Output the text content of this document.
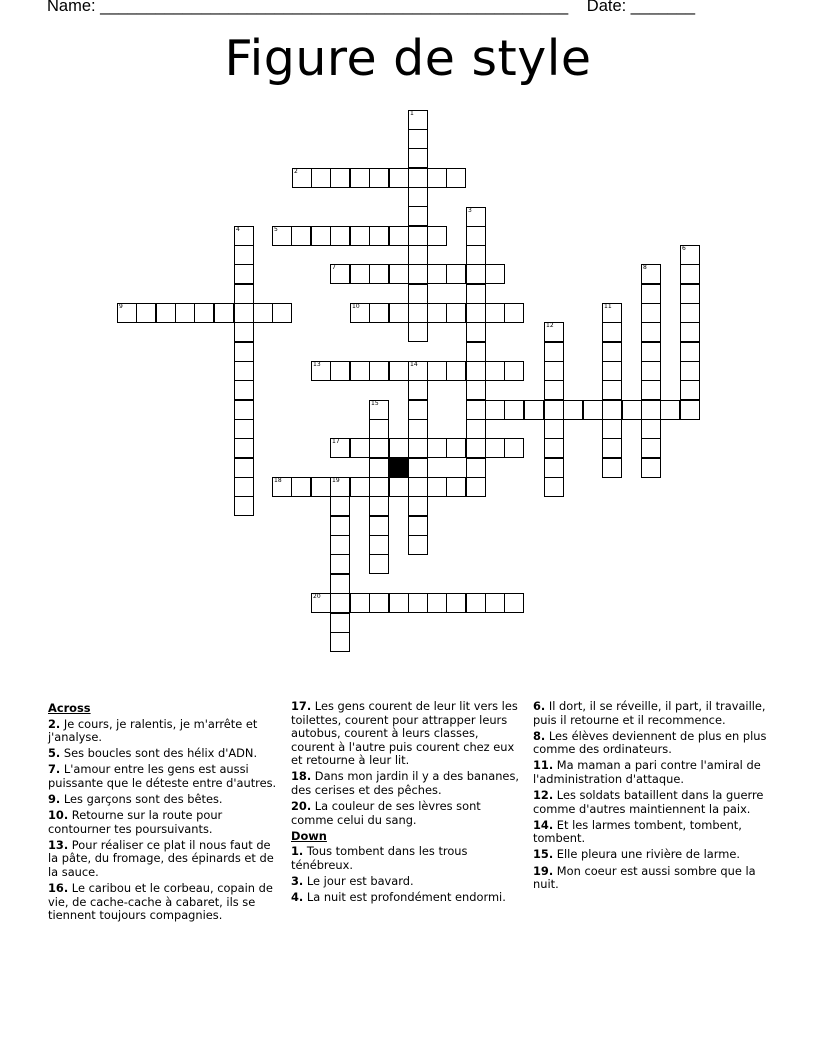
Name: ___________________________________________________ Date: _______
Figure de style
1
2
3
4	5
6
7	8
9	10	11
12
13	14
15
17
18	19
20
Across
2. Je cours, je ralentis, je m'arrête et j'analyse.
5. Ses boucles sont des hélix d'ADN.
7. L'amour entre les gens est aussi puissante que le déteste entre d'autres.
9. Les garçons sont des bêtes.
10. Retourne sur la route pour contourner tes poursuivants.
13. Pour réaliser ce plat il nous faut de la pâte, du fromage, des épinards et de la sauce.
16. Le caribou et le corbeau, copain de vie, de cache-cache à cabaret, ils se tiennent toujours compagnies.
17. Les gens courent de leur lit vers les toilettes, courent pour attrapper leurs autobus, courent à leurs classes, courent à l'autre puis courent chez eux et retourne à leur lit.
18. Dans mon jardin il y a des bananes, des cerises et des pêches.
20. La couleur de ses lèvres sont comme celui du sang.
Down
1. Tous tombent dans les trous ténébreux.
3. Le jour est bavard.
4. La nuit est profondément endormi.
6. Il dort, il se réveille, il part, il travaille, puis il retourne et il recommence.
8. Les élèves deviennent de plus en plus comme des ordinateurs.
11. Ma maman a pari contre l'amiral de l'administration d'attaque.
12. Les soldats bataillent dans la guerre comme d'autres maintiennent la paix.
14. Et les larmes tombent, tombent, tombent.
15. Elle pleura une rivière de larme.
19. Mon coeur est aussi sombre que la nuit.
